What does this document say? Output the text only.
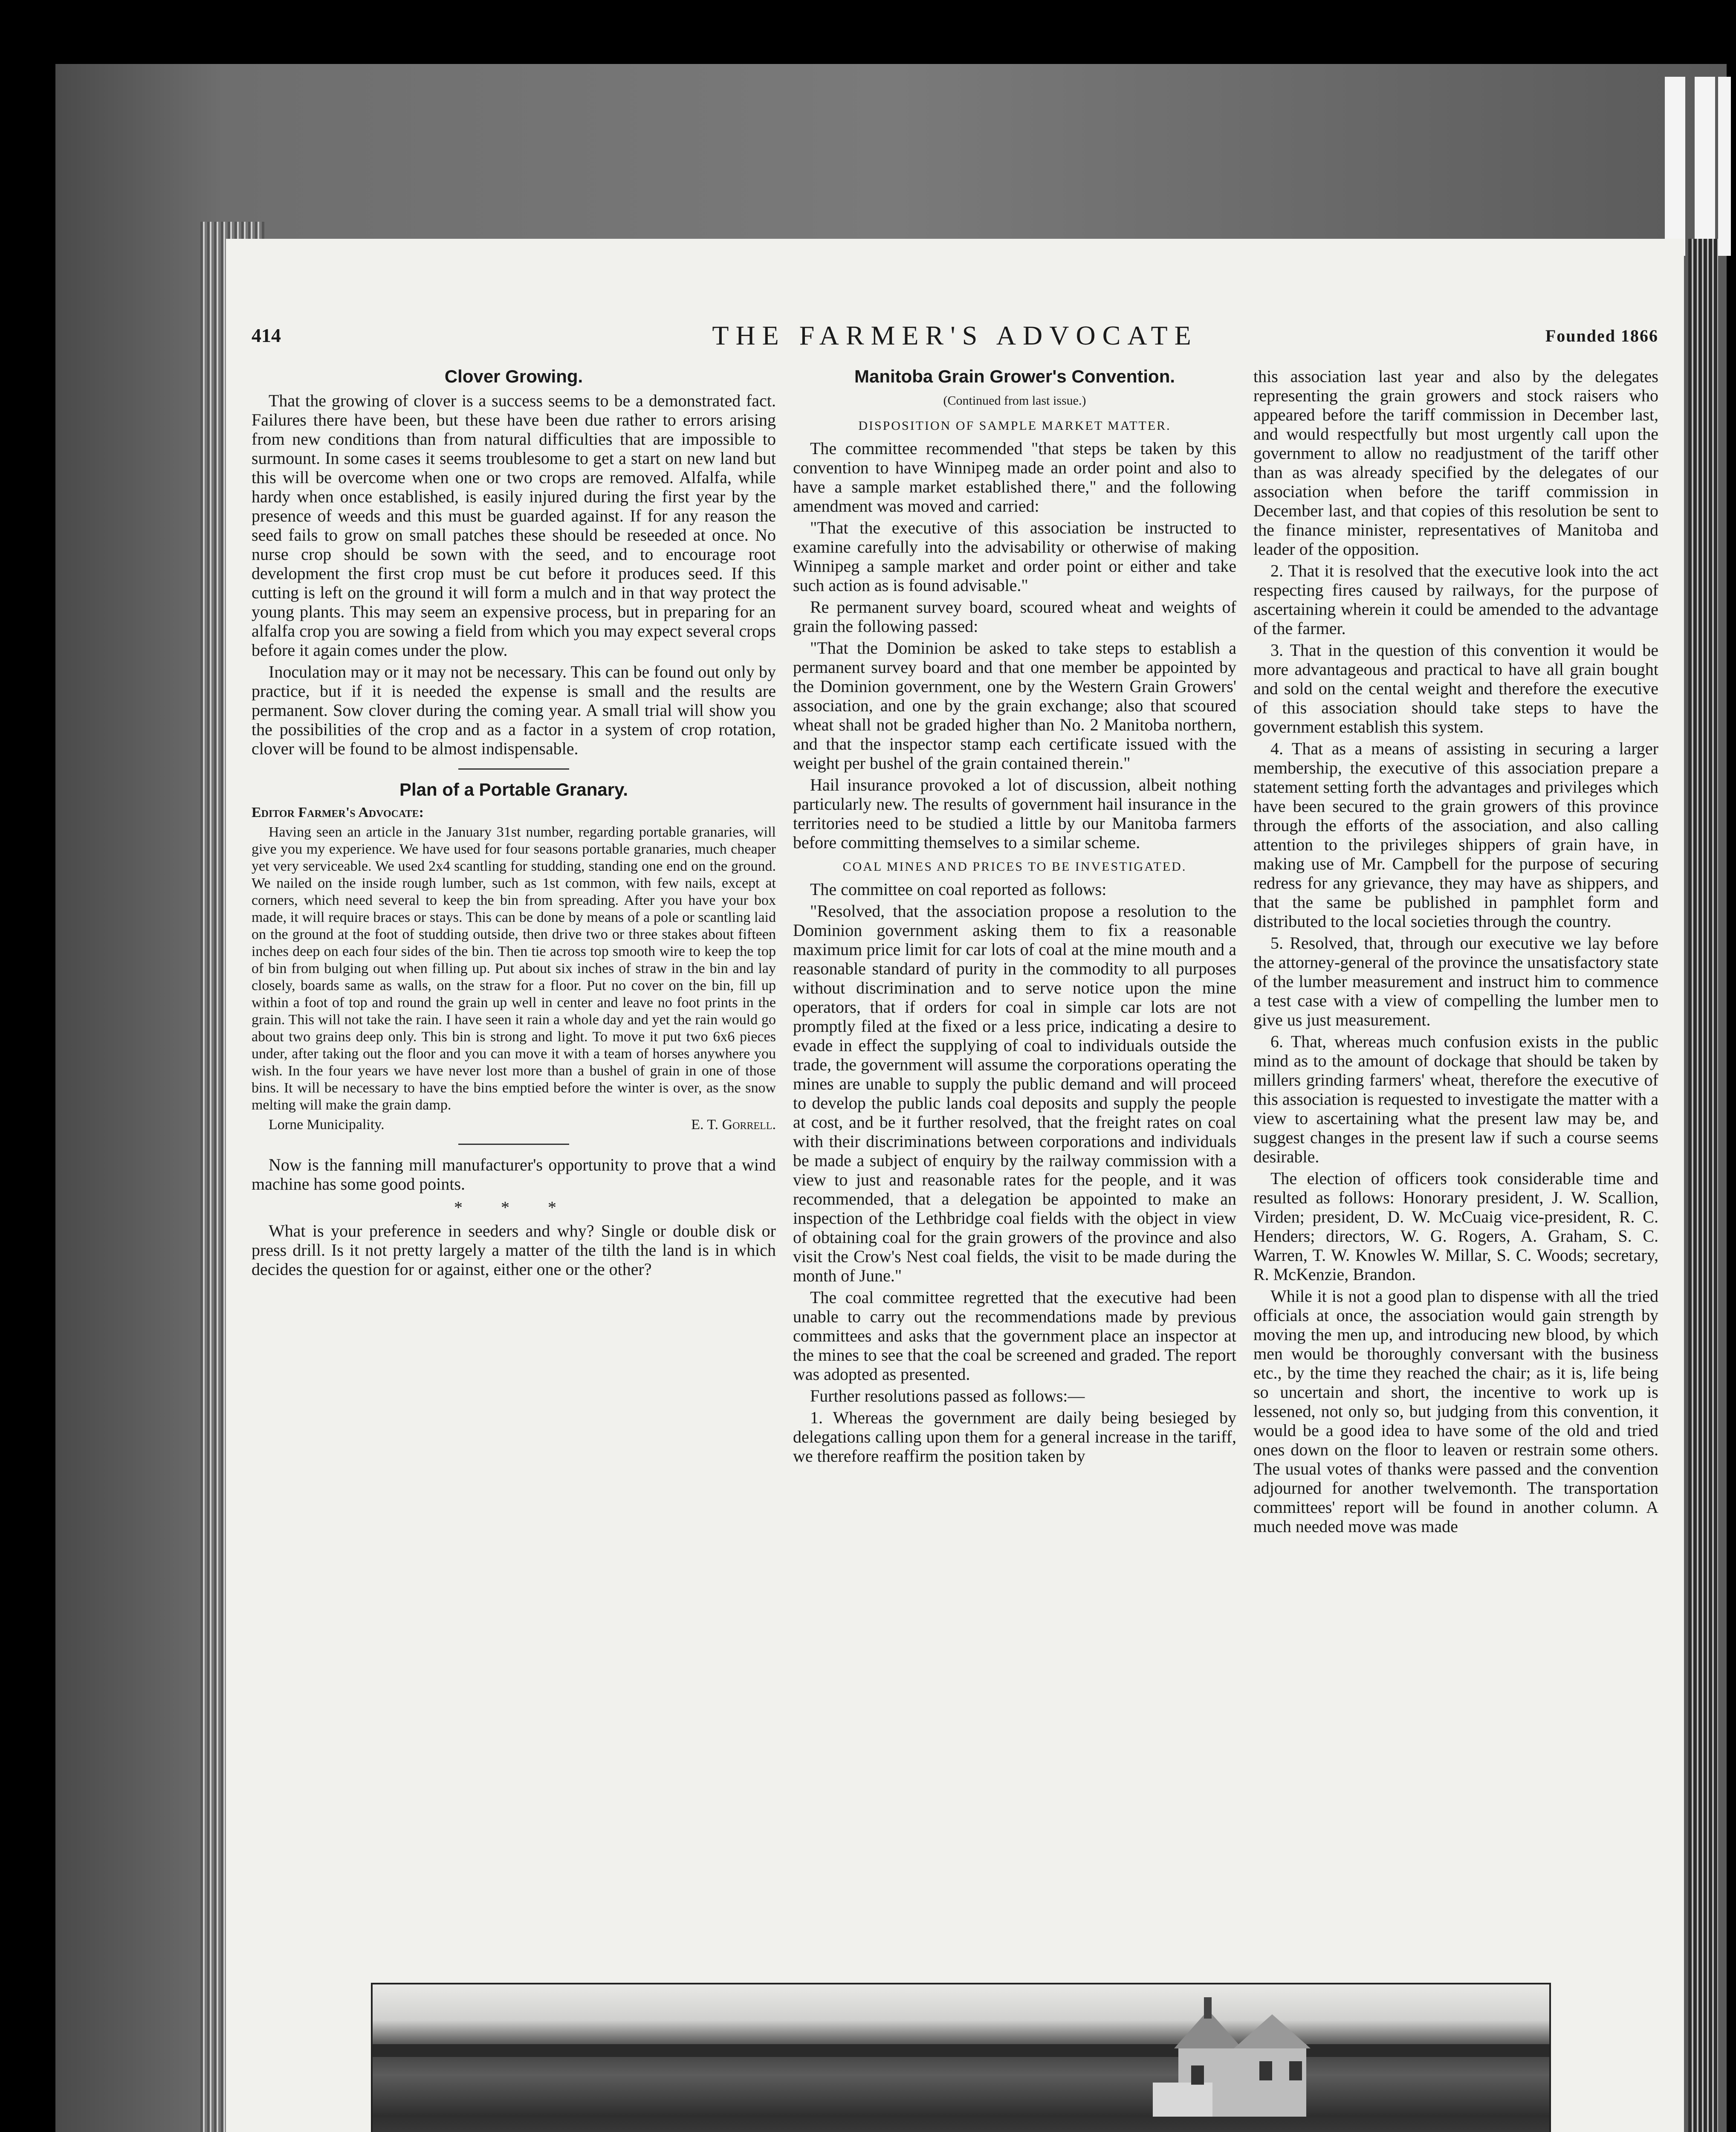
414	THE FARMER'S ADVOCATE	Founded 1866
Clover Growing.

That the growing of clover is a success seems to be a demonstrated fact. Failures there have been, but these have been due rather to errors arising from new conditions than from natural difficulties that are impossible to surmount. In some cases it seems troublesome to get a start on new land but this will be overcome when one or two crops are removed. Alfalfa, while hardy when once established, is easily injured during the first year by the presence of weeds and this must be guarded against. If for any reason the seed fails to grow on small patches these should be reseeded at once. No nurse crop should be sown with the seed, and to encourage root development the first crop must be cut before it produces seed. If this cutting is left on the ground it will form a mulch and in that way protect the young plants. This may seem an expensive process, but in preparing for an alfalfa crop you are sowing a field from which you may expect several crops before it again comes under the plow.

Inoculation may or it may not be necessary. This can be found out only by practice, but if it is needed the expense is small and the results are permanent. Sow clover during the coming year. A small trial will show you the possibilities of the crop and as a factor in a system of crop rotation, clover will be found to be almost indispensable.

Plan of a Portable Granary.

Editor Farmer's Advocate:

Having seen an article in the January 31st number, regarding portable granaries, will give you my experience. We have used for four seasons portable granaries, much cheaper yet very serviceable. We used 2x4 scantling for studding, standing one end on the ground. We nailed on the inside rough lumber, such as 1st common, with few nails, except at corners, which need several to keep the bin from spreading. After you have your box made, it will require braces or stays. This can be done by means of a pole or scantling laid on the ground at the foot of studding outside, then drive two or three stakes about fifteen inches deep on each four sides of the bin. Then tie across top smooth wire to keep the top of bin from bulging out when filling up. Put about six inches of straw in the bin and lay closely, boards same as walls, on the straw for a floor. Put no cover on the bin, fill up within a foot of top and round the grain up well in center and leave no foot prints in the grain. This will not take the rain. I have seen it rain a whole day and yet the rain would go about two grains deep only. This bin is strong and light. To move it put two 6x6 pieces under, after taking out the floor and you can move it with a team of horses anywhere you wish. In the four years we have never lost more than a bushel of grain in one of those bins. It will be necessary to have the bins emptied before the winter is over, as the snow melting will make the grain damp.

Lorne Municipality.	E. T. Gorrell.

Now is the fanning mill manufacturer's opportunity to prove that a wind machine has some good points.

* * *

What is your preference in seeders and why? Single or double disk or press drill. Is it not pretty largely a matter of the tilth the land is in which decides the question for or against, either one or the other?

Manitoba Grain Grower's Convention.
(Continued from last issue.)
DISPOSITION OF SAMPLE MARKET MATTER.

The committee recommended "that steps be taken by this convention to have Winnipeg made an order point and also to have a sample market established there," and the following amendment was moved and carried:

"That the executive of this association be instructed to examine carefully into the advisability or otherwise of making Winnipeg a sample market and order point or either and take such action as is found advisable."

Re permanent survey board, scoured wheat and weights of grain the following passed:

"That the Dominion be asked to take steps to establish a permanent survey board and that one member be appointed by the Dominion government, one by the Western Grain Growers' association, and one by the grain exchange; also that scoured wheat shall not be graded higher than No. 2 Manitoba northern, and that the inspector stamp each certificate issued with the weight per bushel of the grain contained therein."

Hail insurance provoked a lot of discussion, albeit nothing particularly new. The results of government hail insurance in the territories need to be studied a little by our Manitoba farmers before committing themselves to a similar scheme.

COAL MINES AND PRICES TO BE INVESTIGATED.

The committee on coal reported as follows:

"Resolved, that the association propose a resolution to the Dominion government asking them to fix a reasonable maximum price limit for car lots of coal at the mine mouth and a reasonable standard of purity in the commodity to all purposes without discrimination and to serve notice upon the mine operators, that if orders for coal in simple car lots are not promptly filed at the fixed or a less price, indicating a desire to evade in effect the supplying of coal to individuals outside the trade, the government will assume the corporations operating the mines are unable to supply the public demand and will proceed to develop the public lands coal deposits and supply the people at cost, and be it further resolved, that the freight rates on coal with their discriminations between corporations and individuals be made a subject of enquiry by the railway commission with a view to just and reasonable rates for the people, and it was recommended, that a delegation be appointed to make an inspection of the Lethbridge coal fields with the object in view of obtaining coal for the grain growers of the province and also visit the Crow's Nest coal fields, the visit to be made during the month of June."

The coal committee regretted that the executive had been unable to carry out the recommendations made by previous committees and asks that the government place an inspector at the mines to see that the coal be screened and graded. The report was adopted as presented.

Further resolutions passed as follows:—

1. Whereas the government are daily being besieged by delegations calling upon them for a general increase in the tariff, we therefore reaffirm the position taken by

this association last year and also by the delegates representing the grain growers and stock raisers who appeared before the tariff commission in December last, and would respectfully but most urgently call upon the government to allow no readjustment of the tariff other than as was already specified by the delegates of our association when before the tariff commission in December last, and that copies of this resolution be sent to the finance minister, representatives of Manitoba and leader of the opposition.

2. That it is resolved that the executive look into the act respecting fires caused by railways, for the purpose of ascertaining wherein it could be amended to the advantage of the farmer.

3. That in the question of this convention it would be more advantageous and practical to have all grain bought and sold on the cental weight and therefore the executive of this association should take steps to have the government establish this system.

4. That as a means of assisting in securing a larger membership, the executive of this association prepare a statement setting forth the advantages and privileges which have been secured to the grain growers of this province through the efforts of the association, and also calling attention to the privileges shippers of grain have, in making use of Mr. Campbell for the purpose of securing redress for any grievance, they may have as shippers, and that the same be published in pamphlet form and distributed to the local societies through the country.

5. Resolved, that, through our executive we lay before the attorney-general of the province the unsatisfactory state of the lumber measurement and instruct him to commence a test case with a view of compelling the lumber men to give us just measurement.

6. That, whereas much confusion exists in the public mind as to the amount of dockage that should be taken by millers grinding farmers' wheat, therefore the executive of this association is requested to investigate the matter with a view to ascertaining what the present law may be, and suggest changes in the present law if such a course seems desirable.

The election of officers took considerable time and resulted as follows: Honorary president, J. W. Scallion, Virden; president, D. W. McCuaig vice-president, R. C. Henders; directors, W. G. Rogers, A. Graham, S. C. Warren, T. W. Knowles W. Millar, S. C. Woods; secretary, R. McKenzie, Brandon.

While it is not a good plan to dispense with all the tried officials at once, the association would gain strength by moving the men up, and introducing new blood, by which men would be thoroughly conversant with the business etc., by the time they reached the chair; as it is, life being so uncertain and short, the incentive to work up is lessened, not only so, but judging from this convention, it would be a good idea to have some of the old and tried ones down on the floor to leaven or restrain some others. The usual votes of thanks were passed and the convention adjourned for another twelvemonth. The transportation committees' report will be found in another column. A much needed move was made
